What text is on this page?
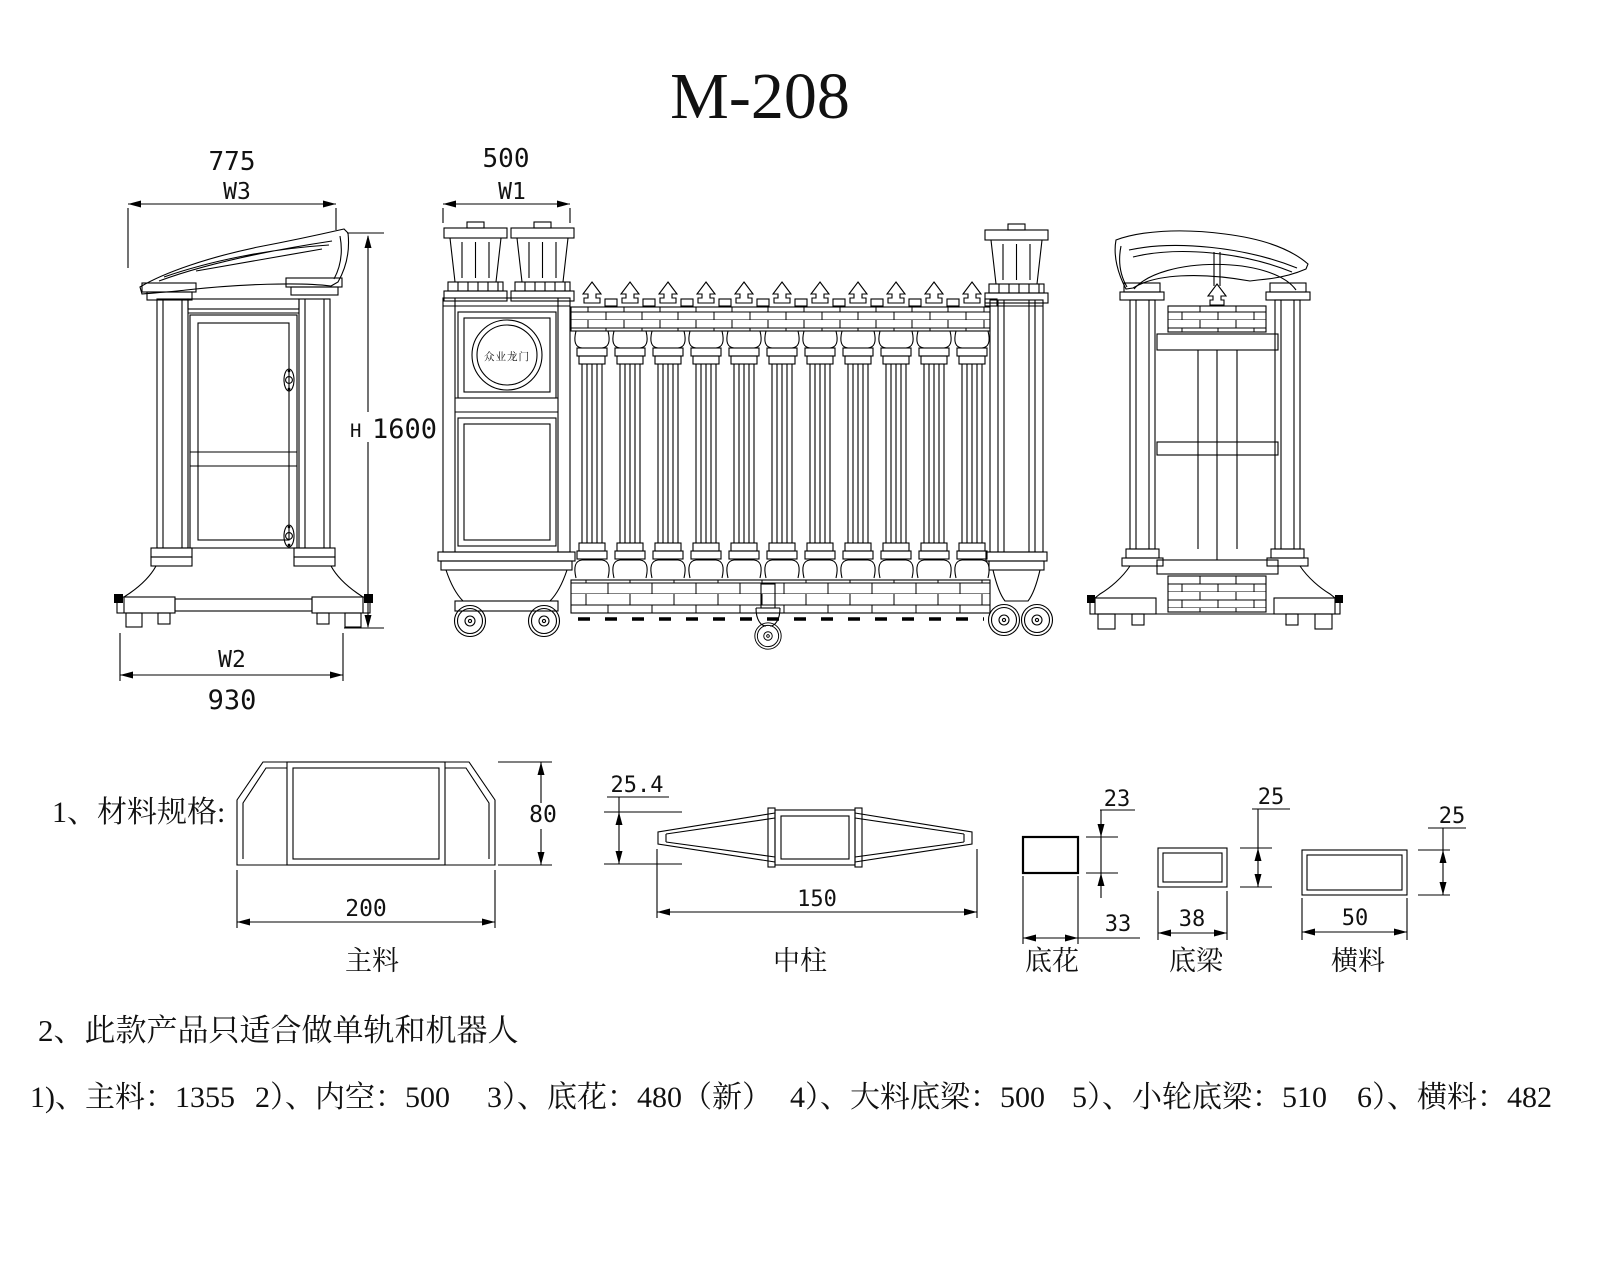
M-208
775
W3
W2
930
H 1600
500
W1
众业龙门
1、材料规格:	80
200
主料
25.4
150
中柱
23
33
底花
25
38
底梁
25
50
横料
2、此款产品只适合做单轨和机器人
1)、主料：1355 2）、内空：500 3）、底花：480（新） 4）、大料底梁：500 5）、小轮底梁：510 6）、横料：482
